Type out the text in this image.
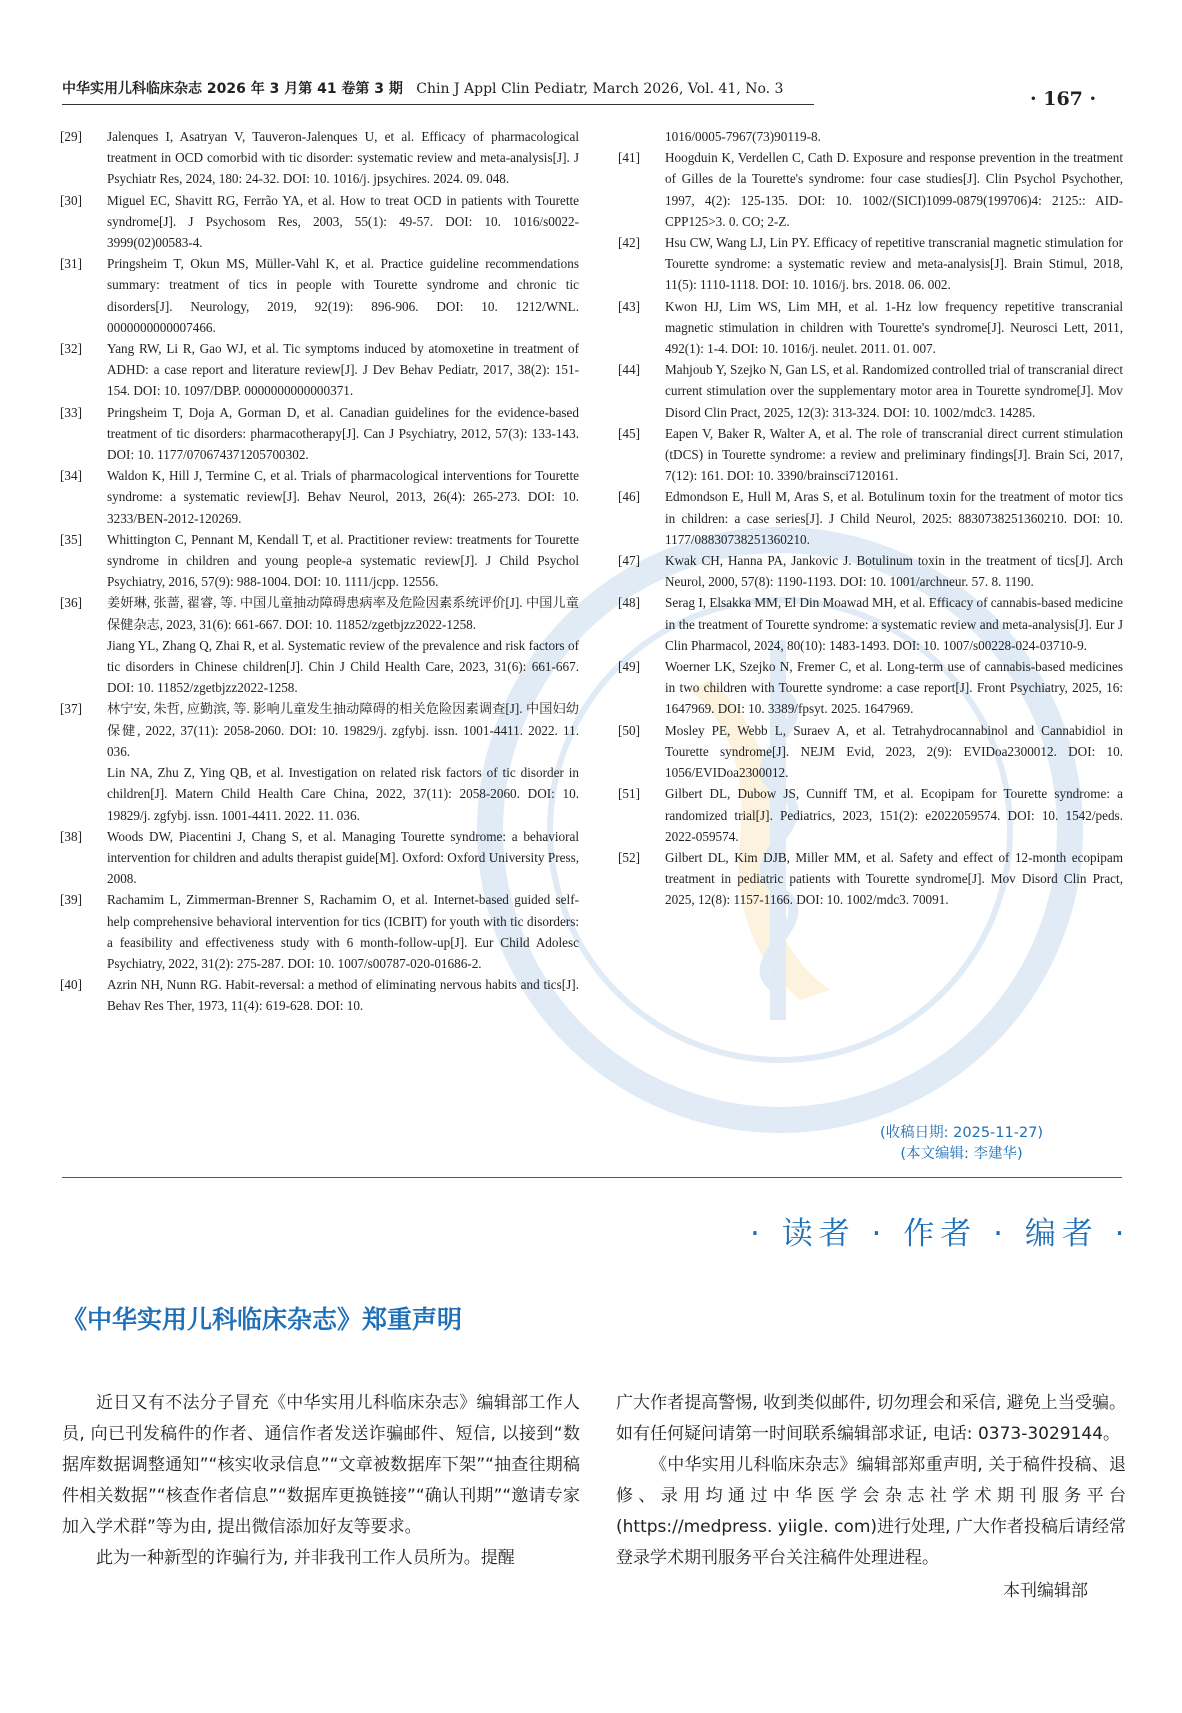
中华实用儿科临床杂志 2026 年 3 月第 41 卷第 3 期 Chin J Appl Clin Pediatr, March 2026, Vol. 41, No. 3	· 167 ·
[29] Jalenques I, Asatryan V, Tauveron-Jalenques U, et al. Efficacy of pharmacological treatment in OCD comorbid with tic disorder: systematic review and meta-analysis[J]. J Psychiatr Res, 2024, 180: 24-32. DOI: 10. 1016/j. jpsychires. 2024. 09. 048.
[30] Miguel EC, Shavitt RG, Ferrão YA, et al. How to treat OCD in patients with Tourette syndrome[J]. J Psychosom Res, 2003, 55(1): 49-57. DOI: 10. 1016/s0022-3999(02)00583-4.
[31] Pringsheim T, Okun MS, Müller-Vahl K, et al. Practice guideline recommendations summary: treatment of tics in people with Tourette syndrome and chronic tic disorders[J]. Neurology, 2019, 92(19): 896-906. DOI: 10. 1212/WNL. 0000000000007466.
[32] Yang RW, Li R, Gao WJ, et al. Tic symptoms induced by atomoxetine in treatment of ADHD: a case report and literature review[J]. J Dev Behav Pediatr, 2017, 38(2): 151-154. DOI: 10. 1097/DBP. 0000000000000371.
[33] Pringsheim T, Doja A, Gorman D, et al. Canadian guidelines for the evidence-based treatment of tic disorders: pharmacotherapy[J]. Can J Psychiatry, 2012, 57(3): 133-143. DOI: 10. 1177/070674371205700302.
[34] Waldon K, Hill J, Termine C, et al. Trials of pharmacological interventions for Tourette syndrome: a systematic review[J]. Behav Neurol, 2013, 26(4): 265-273. DOI: 10. 3233/BEN-2012-120269.
[35] Whittington C, Pennant M, Kendall T, et al. Practitioner review: treatments for Tourette syndrome in children and young people-a systematic review[J]. J Child Psychol Psychiatry, 2016, 57(9): 988-1004. DOI: 10. 1111/jcpp. 12556.
[36] 姜妍琳, 张蔷, 翟睿, 等. 中国儿童抽动障碍患病率及危险因素系统评价[J]. 中国儿童保健杂志, 2023, 31(6): 661-667. DOI: 10. 11852/zgetbjzz2022-1258.
Jiang YL, Zhang Q, Zhai R, et al. Systematic review of the prevalence and risk factors of tic disorders in Chinese children[J]. Chin J Child Health Care, 2023, 31(6): 661-667. DOI: 10. 11852/zgetbjzz2022-1258.
[37] 林宁安, 朱哲, 应勤滨, 等. 影响儿童发生抽动障碍的相关危险因素调查[J]. 中国妇幼保健, 2022, 37(11): 2058-2060. DOI: 10. 19829/j. zgfybj. issn. 1001-4411. 2022. 11. 036.
Lin NA, Zhu Z, Ying QB, et al. Investigation on related risk factors of tic disorder in children[J]. Matern Child Health Care China, 2022, 37(11): 2058-2060. DOI: 10. 19829/j. zgfybj. issn. 1001-4411. 2022. 11. 036.
[38] Woods DW, Piacentini J, Chang S, et al. Managing Tourette syndrome: a behavioral intervention for children and adults therapist guide[M]. Oxford: Oxford University Press, 2008.
[39] Rachamim L, Zimmerman-Brenner S, Rachamim O, et al. Internet-based guided self-help comprehensive behavioral intervention for tics (ICBIT) for youth with tic disorders: a feasibility and effectiveness study with 6 month-follow-up[J]. Eur Child Adolesc Psychiatry, 2022, 31(2): 275-287. DOI: 10. 1007/s00787-020-01686-2.
[40] Azrin NH, Nunn RG. Habit-reversal: a method of eliminating nervous habits and tics[J]. Behav Res Ther, 1973, 11(4): 619-628. DOI: 10.
1016/0005-7967(73)90119-8.
[41] Hoogduin K, Verdellen C, Cath D. Exposure and response prevention in the treatment of Gilles de la Tourette's syndrome: four case studies[J]. Clin Psychol Psychother, 1997, 4(2): 125-135. DOI: 10. 1002/(SICI)1099-0879(199706)4: 2125:: AID-CPP125>3. 0. CO; 2-Z.
[42] Hsu CW, Wang LJ, Lin PY. Efficacy of repetitive transcranial magnetic stimulation for Tourette syndrome: a systematic review and meta-analysis[J]. Brain Stimul, 2018, 11(5): 1110-1118. DOI: 10. 1016/j. brs. 2018. 06. 002.
[43] Kwon HJ, Lim WS, Lim MH, et al. 1-Hz low frequency repetitive transcranial magnetic stimulation in children with Tourette's syndrome[J]. Neurosci Lett, 2011, 492(1): 1-4. DOI: 10. 1016/j. neulet. 2011. 01. 007.
[44] Mahjoub Y, Szejko N, Gan LS, et al. Randomized controlled trial of transcranial direct current stimulation over the supplementary motor area in Tourette syndrome[J]. Mov Disord Clin Pract, 2025, 12(3): 313-324. DOI: 10. 1002/mdc3. 14285.
[45] Eapen V, Baker R, Walter A, et al. The role of transcranial direct current stimulation (tDCS) in Tourette syndrome: a review and preliminary findings[J]. Brain Sci, 2017, 7(12): 161. DOI: 10. 3390/brainsci7120161.
[46] Edmondson E, Hull M, Aras S, et al. Botulinum toxin for the treatment of motor tics in children: a case series[J]. J Child Neurol, 2025: 8830738251360210. DOI: 10. 1177/08830738251360210.
[47] Kwak CH, Hanna PA, Jankovic J. Botulinum toxin in the treatment of tics[J]. Arch Neurol, 2000, 57(8): 1190-1193. DOI: 10. 1001/archneur. 57. 8. 1190.
[48] Serag I, Elsakka MM, El Din Moawad MH, et al. Efficacy of cannabis-based medicine in the treatment of Tourette syndrome: a systematic review and meta-analysis[J]. Eur J Clin Pharmacol, 2024, 80(10): 1483-1493. DOI: 10. 1007/s00228-024-03710-9.
[49] Woerner LK, Szejko N, Fremer C, et al. Long-term use of cannabis-based medicines in two children with Tourette syndrome: a case report[J]. Front Psychiatry, 2025, 16: 1647969. DOI: 10. 3389/fpsyt. 2025. 1647969.
[50] Mosley PE, Webb L, Suraev A, et al. Tetrahydrocannabinol and Cannabidiol in Tourette syndrome[J]. NEJM Evid, 2023, 2(9): EVIDoa2300012. DOI: 10. 1056/EVIDoa2300012.
[51] Gilbert DL, Dubow JS, Cunniff TM, et al. Ecopipam for Tourette syndrome: a randomized trial[J]. Pediatrics, 2023, 151(2): e2022059574. DOI: 10. 1542/peds. 2022-059574.
[52] Gilbert DL, Kim DJB, Miller MM, et al. Safety and effect of 12-month ecopipam treatment in pediatric patients with Tourette syndrome[J]. Mov Disord Clin Pract, 2025, 12(8): 1157-1166. DOI: 10. 1002/mdc3. 70091.
(收稿日期: 2025-11-27)
(本文编辑: 李建华)
· 读者 · 作者 · 编者 ·
《中华实用儿科临床杂志》郑重声明

近日又有不法分子冒充《中华实用儿科临床杂志》编辑部工作人员, 向已刊发稿件的作者、通信作者发送诈骗邮件、短信, 以接到“数据库数据调整通知”“核实收录信息”“文章被数据库下架”“抽查往期稿件相关数据”“核查作者信息”“数据库更换链接”“确认刊期”“邀请专家加入学术群”等为由, 提出微信添加好友等要求。

此为一种新型的诈骗行为, 并非我刊工作人员所为。提醒

广大作者提高警惕, 收到类似邮件, 切勿理会和采信, 避免上当受骗。如有任何疑问请第一时间联系编辑部求证, 电话: 0373-3029144。

《中华实用儿科临床杂志》编辑部郑重声明, 关于稿件投稿、退修、录用均通过中华医学会杂志社学术期刊服务平台(https://medpress. yiigle. com)进行处理, 广大作者投稿后请经常登录学术期刊服务平台关注稿件处理进程。

本刊编辑部
